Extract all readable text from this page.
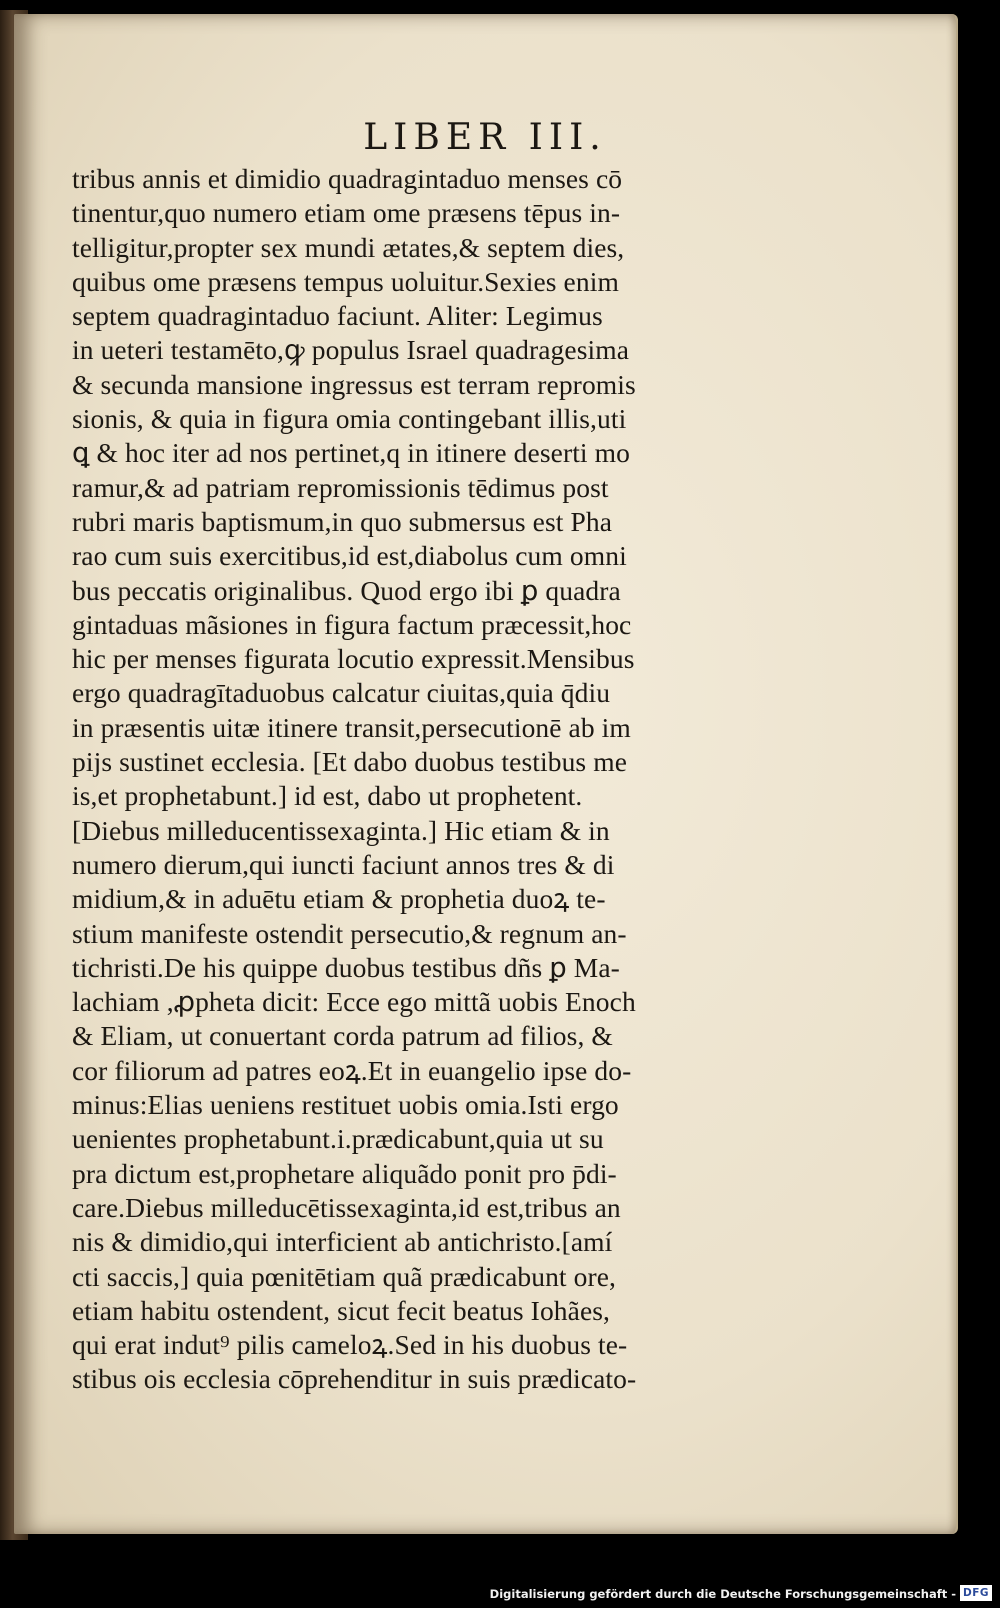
LIBER III.
tribus annis et dimidio quadragintaduo menses cō
tinentur,quo numero etiam ome præsens tēpus in-
telligitur,propter sex mundi ætates,& septem dies,
quibus ome præsens tempus uoluitur.Sexies enim
septem quadragintaduo faciunt. Aliter: Legimus
in ueteri testamēto,ꝙ populus Israel quadragesima
& secunda mansione ingressus est terram repromis
sionis, & quia in figura omia contingebant illis,uti
ꝗ & hoc iter ad nos pertinet,q in itinere deserti mo
ramur,& ad patriam repromissionis tēdimus post
rubri maris baptismum,in quo submersus est Pha
rao cum suis exercitibus,id est,diabolus cum omni
bus peccatis originalibus. Quod ergo ibi ꝑ quadra
gintaduas mãsiones in figura factum præcessit,hoc
hic per menses figurata locutio expressit.Mensibus
ergo quadragītaduobus calcatur ciuitas,quia q̄diu
in præsentis uitæ itinere transit,persecutionē ab im
pijs sustinet ecclesia. [Et dabo duobus testibus me
is,et prophetabunt.] id est, dabo ut prophetent.
[Diebus milleducentissexaginta.] Hic etiam & in
numero dierum,qui iuncti faciunt annos tres & di
midium,& in aduētu etiam & prophetia duoꝝ te-
stium manifeste ostendit persecutio,& regnum an-
tichristi.De his quippe duobus testibus dñs ꝑ Ma-
lachiam ,ꝓpheta dicit: Ecce ego mittã uobis Enoch
& Eliam, ut conuertant corda patrum ad filios, &
cor filiorum ad patres eoꝝ.Et in euangelio ipse do-
minus:Elias ueniens restituet uobis omia.Isti ergo
uenientes prophetabunt.i.prædicabunt,quia ut su
pra dictum est,prophetare aliquãdo ponit pro p̄di-
care.Diebus milleducētissexaginta,id est,tribus an
nis & dimidio,qui interficient ab antichristo.[amí
cti saccis,] quia pœnitētiam quã prædicabunt ore,
etiam habitu ostendent, sicut fecit beatus Iohães,
qui erat indut⁹ pilis cameloꝝ.Sed in his duobus te-
stibus ois ecclesia cōprehenditur in suis prædicato-
Digitalisierung gefördert durch die Deutsche Forschungsgemeinschaft - DFG
